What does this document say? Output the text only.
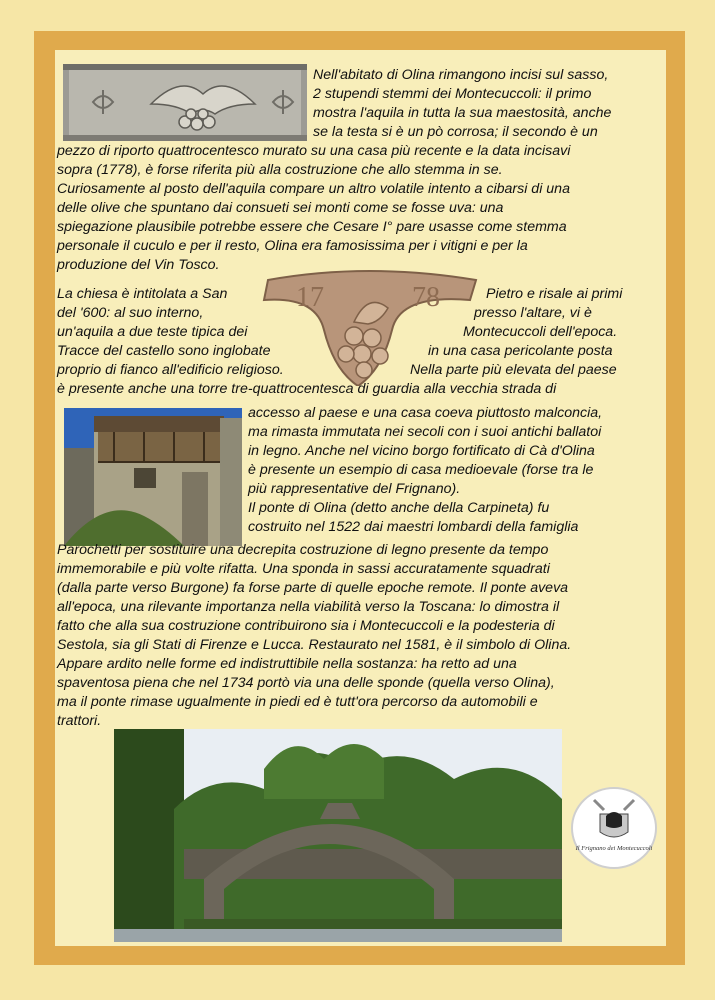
17	78
Il Frignano dei Montecuccoli
Nell'abitato di Olina rimangono incisi sul sasso,
2 stupendi stemmi dei Montecuccoli: il primo
mostra l'aquila in tutta la sua maestosità, anche
se la testa si è un pò corrosa; il secondo è un
pezzo di riporto quattrocentesco murato su una casa più recente e la data incisavi
sopra (1778), è forse riferita più alla costruzione che allo stemma in se.
Curiosamente al posto dell'aquila compare un altro volatile intento a cibarsi di una
delle olive che spuntano dai consueti sei monti come se fosse uva: una
spiegazione plausibile potrebbe essere che Cesare I° pare usasse come stemma
personale il cuculo e per il resto, Olina era famosissima per i vitigni e per la
produzione del Vin Tosco.
La chiesa è intitolata a San
del '600: al suo interno,
un'aquila a due teste tipica dei
Tracce del castello sono inglobate
proprio di fianco all'edificio religioso.
Pietro e risale ai primi
presso l'altare, vi è
Montecuccoli dell'epoca.
in una casa pericolante posta
Nella parte più elevata del paese
è presente anche una torre tre-quattrocentesca di guardia alla vecchia strada di
accesso al paese e una casa coeva piuttosto malconcia,
ma rimasta immutata nei secoli con i suoi antichi ballatoi
in legno. Anche nel vicino borgo fortificato di Cà d'Olina
è presente un esempio di casa medioevale (forse tra le
più rappresentative del Frignano).
Il ponte di Olina (detto anche della Carpineta) fu
costruito nel 1522 dai maestri lombardi della famiglia
Parochetti per sostituire una decrepita costruzione di legno presente da tempo
immemorabile e più volte rifatta. Una sponda in sassi accuratamente squadrati
(dalla parte verso Burgone) fa forse parte di quelle epoche remote. Il ponte aveva
all'epoca, una rilevante importanza nella viabilità verso la Toscana: lo dimostra il
fatto che alla sua costruzione contribuirono sia i Montecuccoli e la podesteria di
Sestola, sia gli Stati di Firenze e Lucca. Restaurato nel 1581, è il simbolo di Olina.
Appare ardito nelle forme ed indistruttibile nella sostanza: ha retto ad una
spaventosa piena che nel 1734 portò via una delle sponde (quella verso Olina),
ma il ponte rimase ugualmente in piedi ed è tutt'ora percorso da automobili e
trattori.
